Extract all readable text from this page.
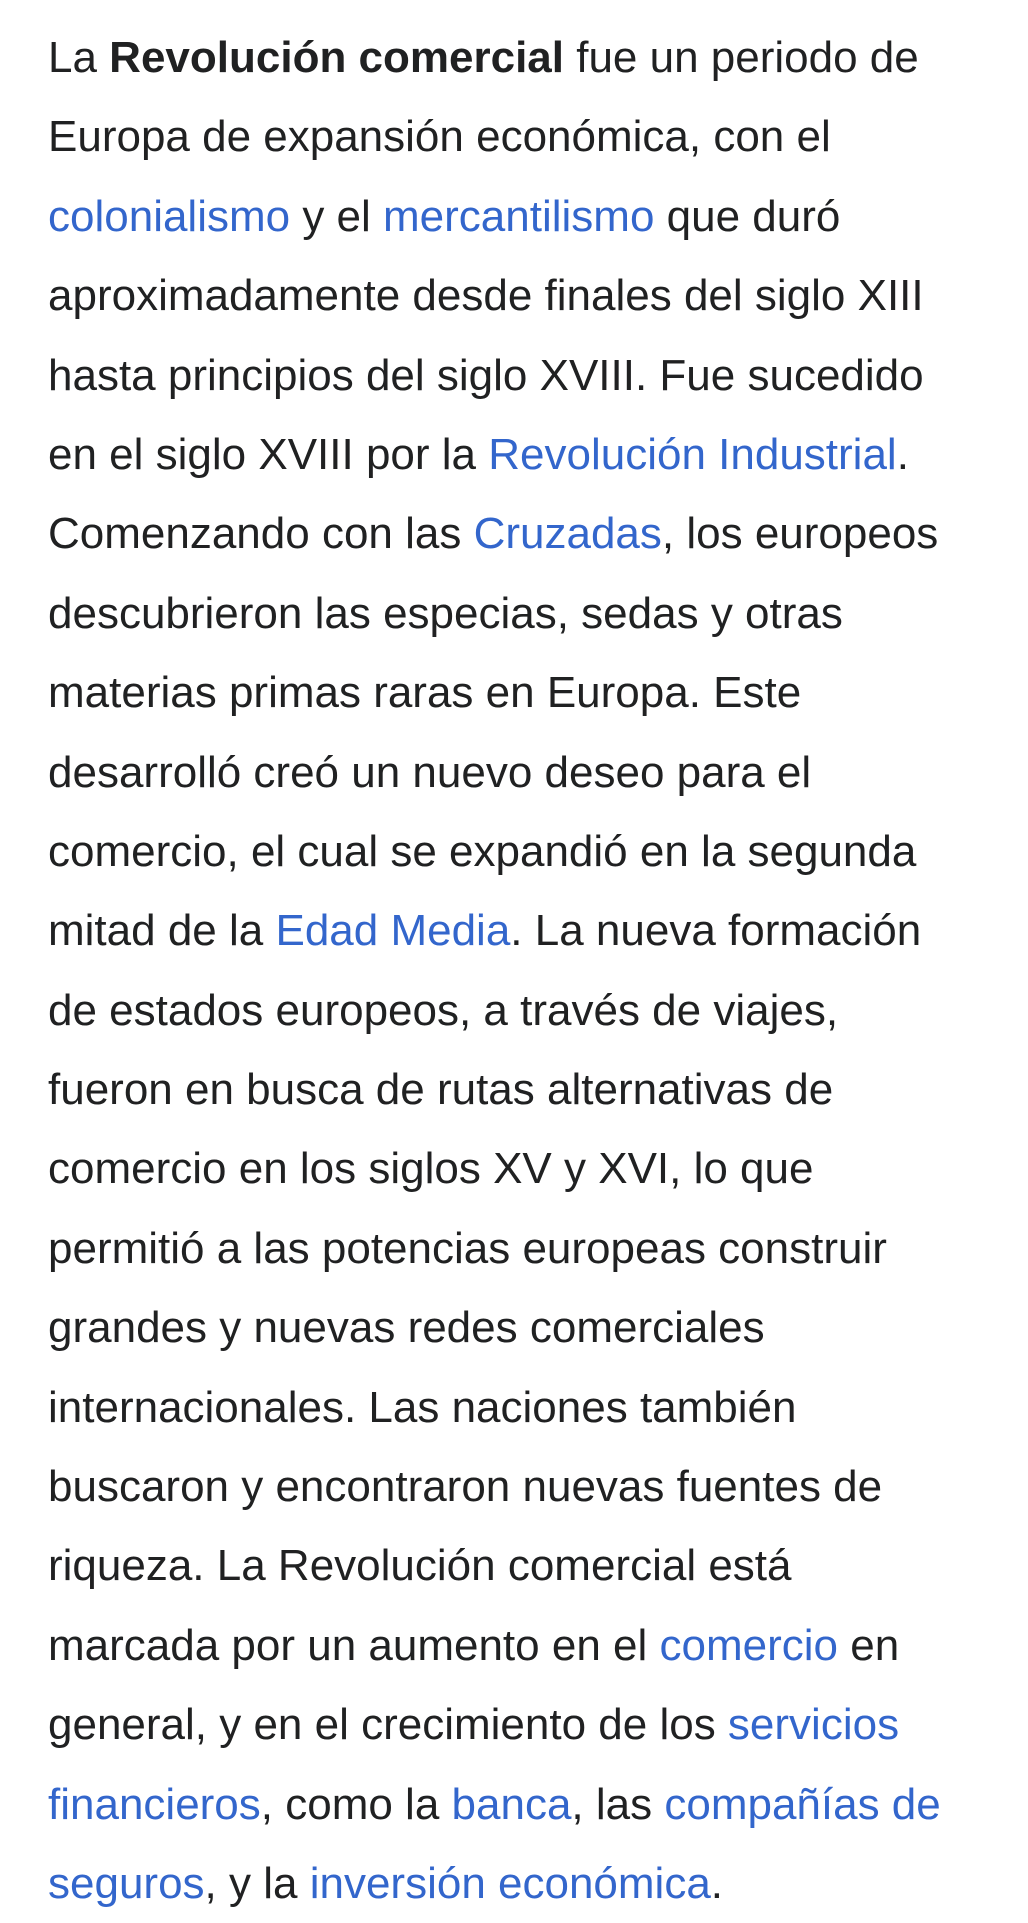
La Revolución comercial fue un periodo de
Europa de expansión económica, con el
colonialismo y el mercantilismo que duró
aproximadamente desde finales del siglo XIII
hasta principios del siglo XVIII. Fue sucedido
en el siglo XVIII por la Revolución Industrial.
Comenzando con las Cruzadas, los europeos
descubrieron las especias, sedas y otras
materias primas raras en Europa. Este
desarrolló creó un nuevo deseo para el
comercio, el cual se expandió en la segunda
mitad de la Edad Media. La nueva formación
de estados europeos, a través de viajes,
fueron en busca de rutas alternativas de
comercio en los siglos XV y XVI, lo que
permitió a las potencias europeas construir
grandes y nuevas redes comerciales
internacionales. Las naciones también
buscaron y encontraron nuevas fuentes de
riqueza. La Revolución comercial está
marcada por un aumento en el comercio en
general, y en el crecimiento de los servicios
financieros, como la banca, las compañías de
seguros, y la inversión económica.
